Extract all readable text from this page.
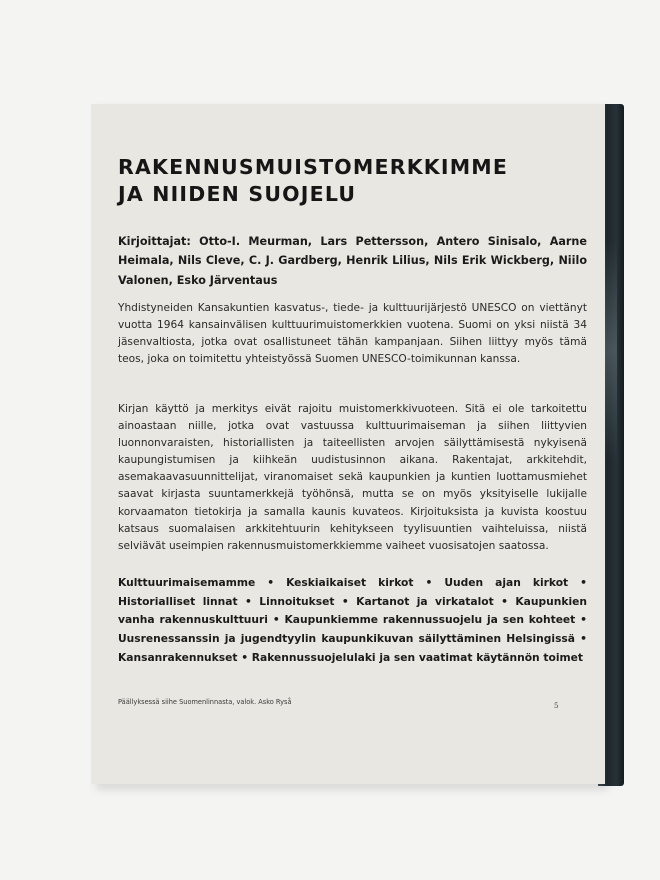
RAKENNUSMUISTOMERKKIMME
JA NIIDEN SUOJELU

Kirjoittajat: Otto-I. Meurman, Lars Pettersson, Antero Sinisalo, Aarne Heimala, Nils Cleve, C. J. Gardberg, Henrik Lilius, Nils Erik Wickberg, Niilo Valonen, Esko Järventaus

Yhdistyneiden Kansakuntien kasvatus-, tiede- ja kulttuurijärjestö UNESCO on viettänyt vuotta 1964 kansainvälisen kulttuurimuistomerkkien vuotena. Suomi on yksi niistä 34 jäsenvaltiosta, jotka ovat osallistuneet tähän kampanjaan. Siihen liittyy myös tämä teos, joka on toimitettu yhteistyössä Suomen UNESCO-toimikunnan kanssa.

Kirjan käyttö ja merkitys eivät rajoitu muistomerkkivuoteen. Sitä ei ole tarkoitettu ainoastaan niille, jotka ovat vastuussa kulttuurimaiseman ja siihen liittyvien luonnonvaraisten, historiallisten ja taiteellisten arvojen säilyttämisestä nykyisenä kaupungistumisen ja kiihkeän uudistusinnon aikana. Rakentajat, arkkitehdit, asemakaavasuunnittelijat, viranomaiset sekä kaupunkien ja kuntien luottamusmiehet saavat kirjasta suuntamerkkejä työhönsä, mutta se on myös yksityiselle lukijalle korvaamaton tietokirja ja samalla kaunis kuvateos. Kirjoituksista ja kuvista koostuu katsaus suomalaisen arkkitehtuurin kehitykseen tyylisuuntien vaihteluissa, niistä selviävät useimpien rakennusmuistomerkkiemme vaiheet vuosisatojen saatossa.

Kulttuurimaisemamme • Keskiaikaiset kirkot • Uuden ajan kirkot • Historialliset linnat • Linnoitukset • Kartanot ja virkatalot • Kaupunkien vanha rakennuskulttuuri • Kaupunkiemme rakennussuojelu ja sen kohteet • Uusrenessanssin ja jugendtyylin kaupunkikuvan säilyttäminen Helsingissä • Kansanrakennukset • Rakennussuojelulaki ja sen vaatimat käytännön toimet

Päällyksessä siihe Suomenlinnasta, valok. Asko Ryså	5
